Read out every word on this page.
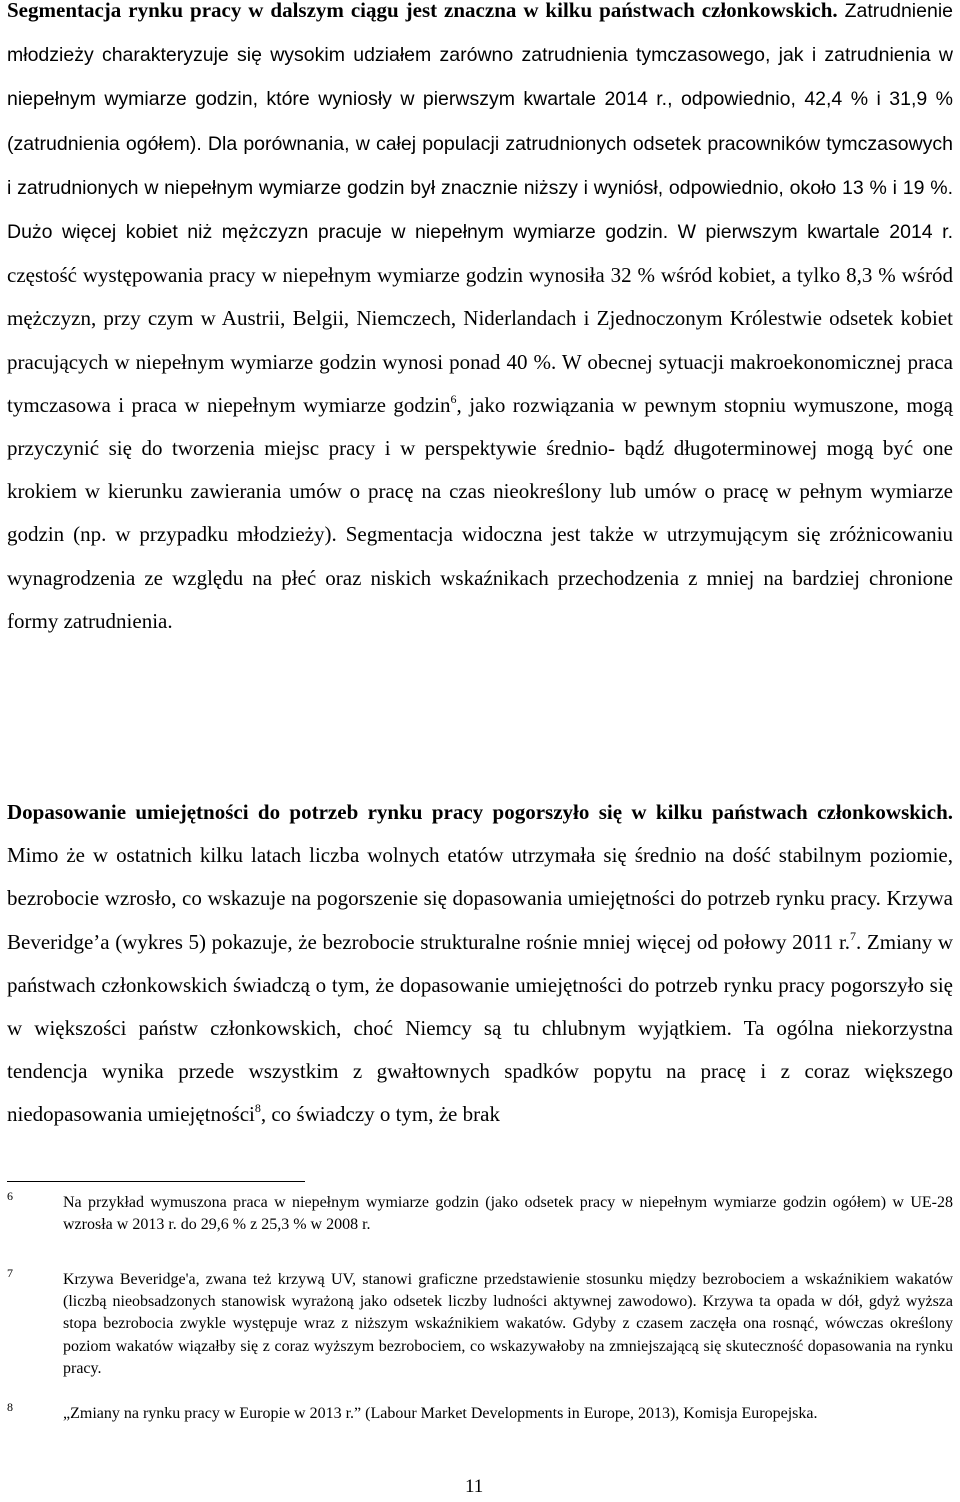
Segmentacja rynku pracy w dalszym ciągu jest znaczna w kilku państwach członkowskich. Zatrudnienie młodzieży charakteryzuje się wysokim udziałem zarówno zatrudnienia tymczasowego, jak i zatrudnienia w niepełnym wymiarze godzin, które wyniosły w pierwszym kwartale 2014 r., odpowiednio, 42,4 % i 31,9 % (zatrudnienia ogółem). Dla porównania, w całej populacji zatrudnionych odsetek pracowników tymczasowych i zatrudnionych w niepełnym wymiarze godzin był znacznie niższy i wyniósł, odpowiednio, około 13 % i 19 %. Dużo więcej kobiet niż mężczyzn pracuje w niepełnym wymiarze godzin. W pierwszym kwartale 2014 r. częstość występowania pracy w niepełnym wymiarze godzin wynosiła 32 % wśród kobiet, a tylko 8,3 % wśród mężczyzn, przy czym w Austrii, Belgii, Niemczech, Niderlandach i Zjednoczonym Królestwie odsetek kobiet pracujących w niepełnym wymiarze godzin wynosi ponad 40 %. W obecnej sytuacji makroekonomicznej praca tymczasowa i praca w niepełnym wymiarze godzin$^6$, jako rozwiązania w pewnym stopniu wymuszone, mogą przyczynić się do tworzenia miejsc pracy i w perspektywie średnio- bądź długoterminowej mogą być one krokiem w kierunku zawierania umów o pracę na czas nieokreślony lub umów o pracę w pełnym wymiarze godzin (np. w przypadku młodzieży). Segmentacja widoczna jest także w utrzymującym się zróżnicowaniu wynagrodzenia ze względu na płeć oraz niskich wskaźnikach przechodzenia z mniej na bardziej chronione formy zatrudnienia.

Dopasowanie umiejętności do potrzeb rynku pracy pogorszyło się w kilku państwach członkowskich. Mimo że w ostatnich kilku latach liczba wolnych etatów utrzymała się średnio na dość stabilnym poziomie, bezrobocie wzrosło, co wskazuje na pogorszenie się dopasowania umiejętności do potrzeb rynku pracy. Krzywa Beveridge’a (wykres 5) pokazuje, że bezrobocie strukturalne rośnie mniej więcej od połowy 2011 r.$^7$. Zmiany w państwach członkowskich świadczą o tym, że dopasowanie umiejętności do potrzeb rynku pracy pogorszyło się w większości państw członkowskich, choć Niemcy są tu chlubnym wyjątkiem. Ta ogólna niekorzystna tendencja wynika przede wszystkim z gwałtownych spadków popytu na pracę i z coraz większego niedopasowania umiejętności$^8$, co świadczy o tym, że brak

6	Na przykład wymuszona praca w niepełnym wymiarze godzin (jako odsetek pracy w niepełnym wymiarze godzin ogółem) w UE-28 wzrosła w 2013 r. do 29,6 % z 25,3 % w 2008 r.
7	Krzywa Beveridge'a, zwana też krzywą UV, stanowi graficzne przedstawienie stosunku między bezrobociem a wskaźnikiem wakatów (liczbą nieobsadzonych stanowisk wyrażoną jako odsetek liczby ludności aktywnej zawodowo). Krzywa ta opada w dół, gdyż wyższa stopa bezrobocia zwykle występuje wraz z niższym wskaźnikiem wakatów. Gdyby z czasem zaczęła ona rosnąć, wówczas określony poziom wakatów wiązałby się z coraz wyższym bezrobociem, co wskazywałoby na zmniejszającą się skuteczność dopasowania na rynku pracy.
8	„Zmiany na rynku pracy w Europie w 2013 r.” (Labour Market Developments in Europe, 2013), Komisja Europejska.
11
